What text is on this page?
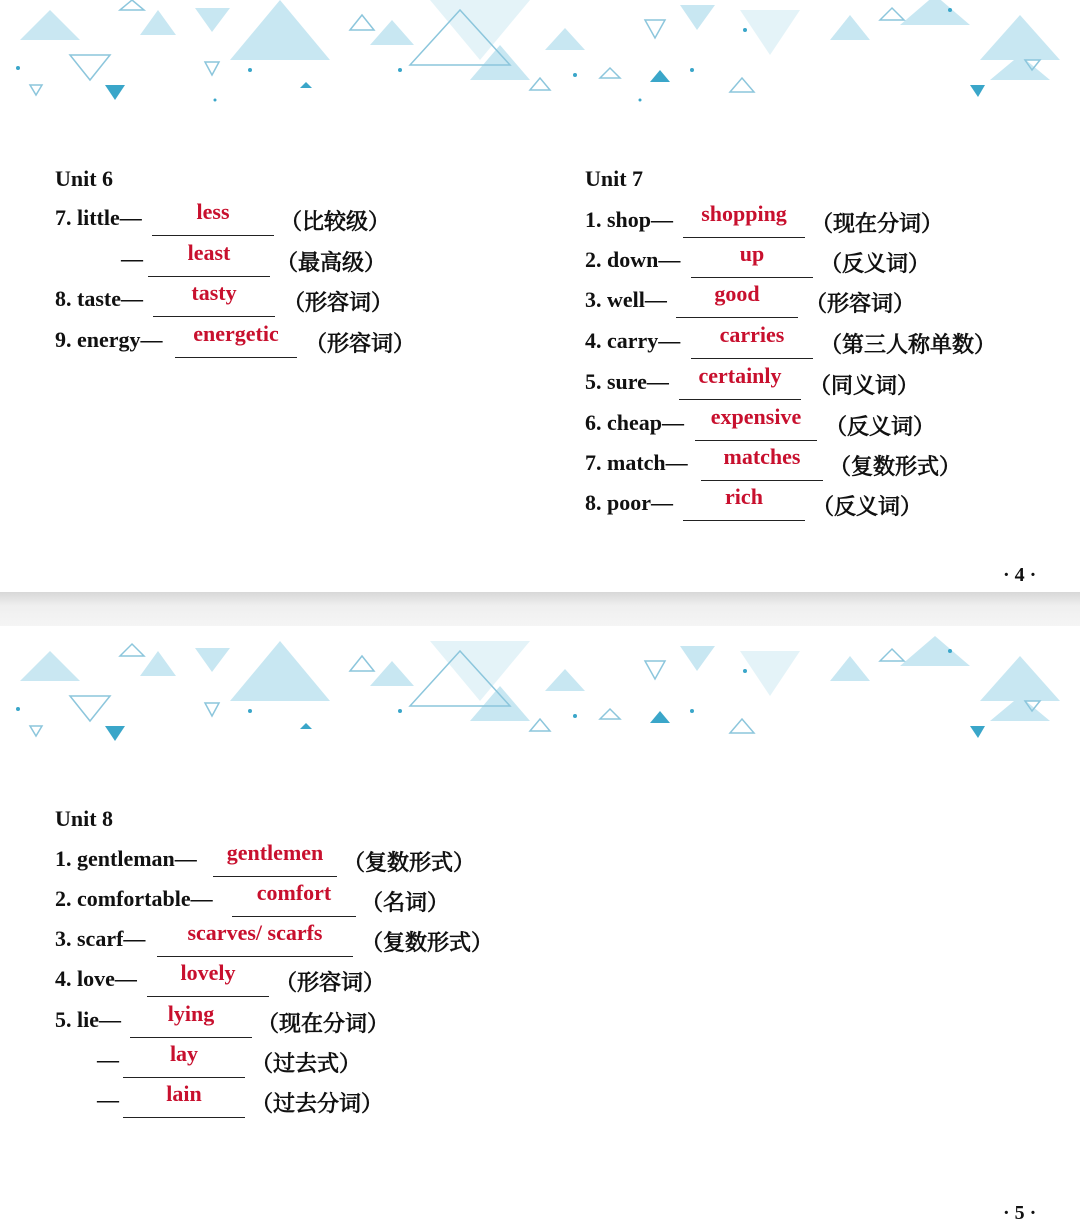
Unit 6
7. little—	less	（比较级）
—	least	（最高级）
8. taste—	tasty	（形容词）
9. energy—	energetic	（形容词）
Unit 7
1. shop—	shopping	（现在分词）
2. down—	up	（反义词）
3. well—	good	（形容词）
4. carry—	carries	（第三人称单数）
5. sure—	certainly	（同义词）
6. cheap—	expensive	（反义词）
7. match—	matches	（复数形式）
8. poor—	rich	（反义词）
· 4 ·
Unit 8
1. gentleman—	gentlemen （复数形式）
2. comfortable—	comfort	（名词）
3. scarf—	scarves/ scarfs	（复数形式）
4. love—	lovely	（形容词）
5. lie—	lying	（现在分词）
—	lay	（过去式）
—	lain	（过去分词）
· 5 ·
